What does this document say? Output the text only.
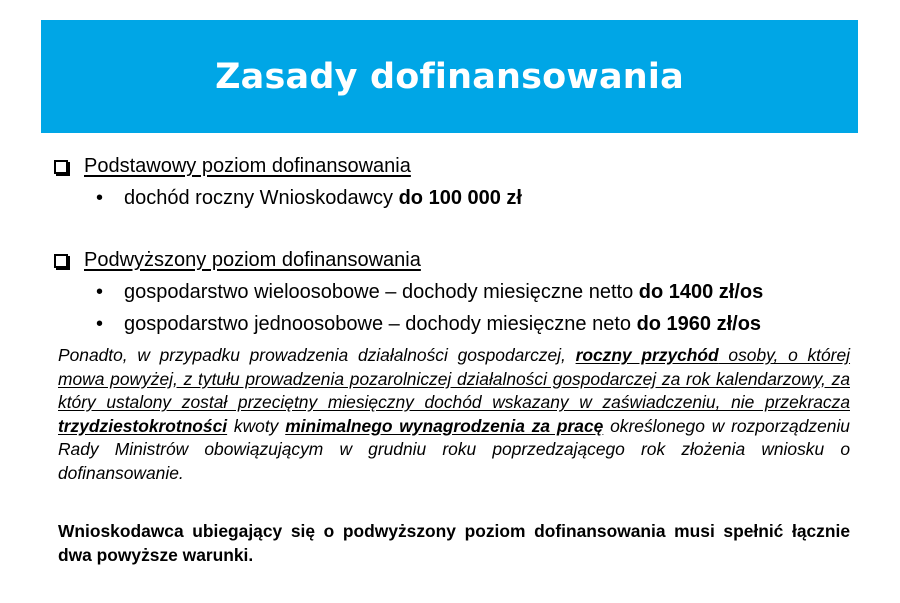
Zasady dofinansowania
Podstawowy poziom dofinansowania
•	dochód roczny Wnioskodawcy do 100 000 zł
Podwyższony poziom dofinansowania
•	gospodarstwo wieloosobowe – dochody miesięczne netto do 1400 zł/os
•	gospodarstwo jednoosobowe – dochody miesięczne neto do 1960 zł/os
Ponadto, w przypadku prowadzenia działalności gospodarczej, roczny przychód osoby, o której mowa powyżej, z tytułu prowadzenia pozarolniczej działalności gospodarczej za rok kalendarzowy, za który ustalony został przeciętny miesięczny dochód wskazany w zaświadczeniu, nie przekracza trzydziestokrotności kwoty minimalnego wynagrodzenia za pracę określonego w rozporządzeniu Rady Ministrów obowiązującym w grudniu roku poprzedzającego rok złożenia wniosku o dofinansowanie.
Wnioskodawca ubiegający się o podwyższony poziom dofinansowania musi spełnić łącznie dwa powyższe warunki.
